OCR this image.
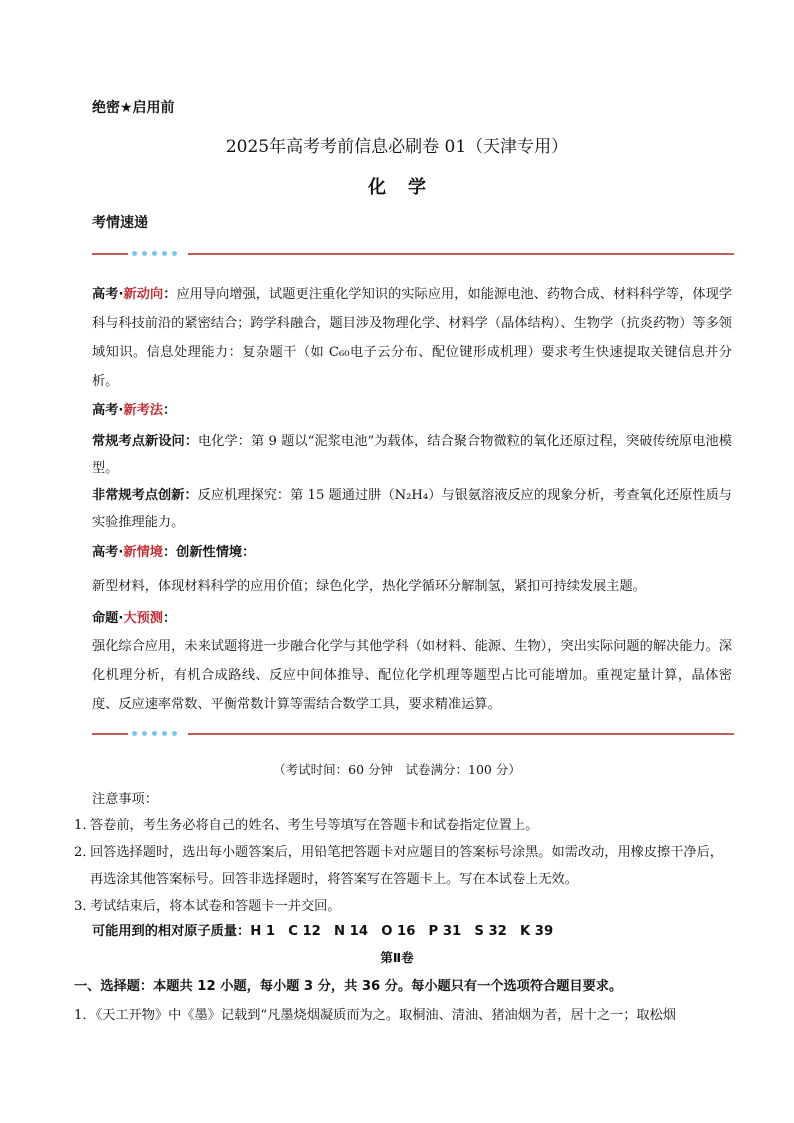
绝密★启用前
2025年高考考前信息必刷卷 01（天津专用）
化学
考情速递
高考·新动向：应用导向增强，试题更注重化学知识的实际应用，如能源电池、药物合成、材料科学等，体现学科与科技前沿的紧密结合；跨学科融合，题目涉及物理化学、材料学（晶体结构）、生物学（抗炎药物）等多领域知识。信息处理能力：复杂题干（如 C₆₀电子云分布、配位键形成机理）要求考生快速提取关键信息并分析。
高考·新考法：
常规考点新设问：电化学：第 9 题以“泥浆电池”为载体，结合聚合物微粒的氧化还原过程，突破传统原电池模型。
非常规考点创新：反应机理探究：第 15 题通过肼（N₂H₄）与银氨溶液反应的现象分析，考查氧化还原性质与实验推理能力。
高考·新情境：创新性情境：
新型材料，体现材料科学的应用价值；绿色化学，热化学循环分解制氢，紧扣可持续发展主题。
命题·大预测：
强化综合应用，未来试题将进一步融合化学与其他学科（如材料、能源、生物），突出实际问题的解决能力。深化机理分析，有机合成路线、反应中间体推导、配位化学机理等题型占比可能增加。重视定量计算，晶体密度、反应速率常数、平衡常数计算等需结合数学工具，要求精准运算。
（考试时间：60 分钟　试卷满分：100 分）
注意事项：
1．答卷前，考生务必将自己的姓名、考生号等填写在答题卡和试卷指定位置上。
2．
回答选择题时，选出每小题答案后，用铅笔把答题卡对应题目的答案标号涂黑。如需改动，用橡皮擦干净后，再选涂其他答案标号。回答非选择题时，将答案写在答题卡上。写在本试卷上无效。
3．考试结束后，将本试卷和答题卡一并交回。
可能用到的相对原子质量：H 1　C 12　N 14　O 16　P 31　S 32　K 39
第Ⅱ卷
一、选择题：本题共 12 小题，每小题 3 分，共 36 分。每小题只有一个选项符合题目要求。
1．《天工开物》中《墨》记载到“凡墨烧烟凝质而为之。取桐油、清油、猪油烟为者，居十之一；取松烟
